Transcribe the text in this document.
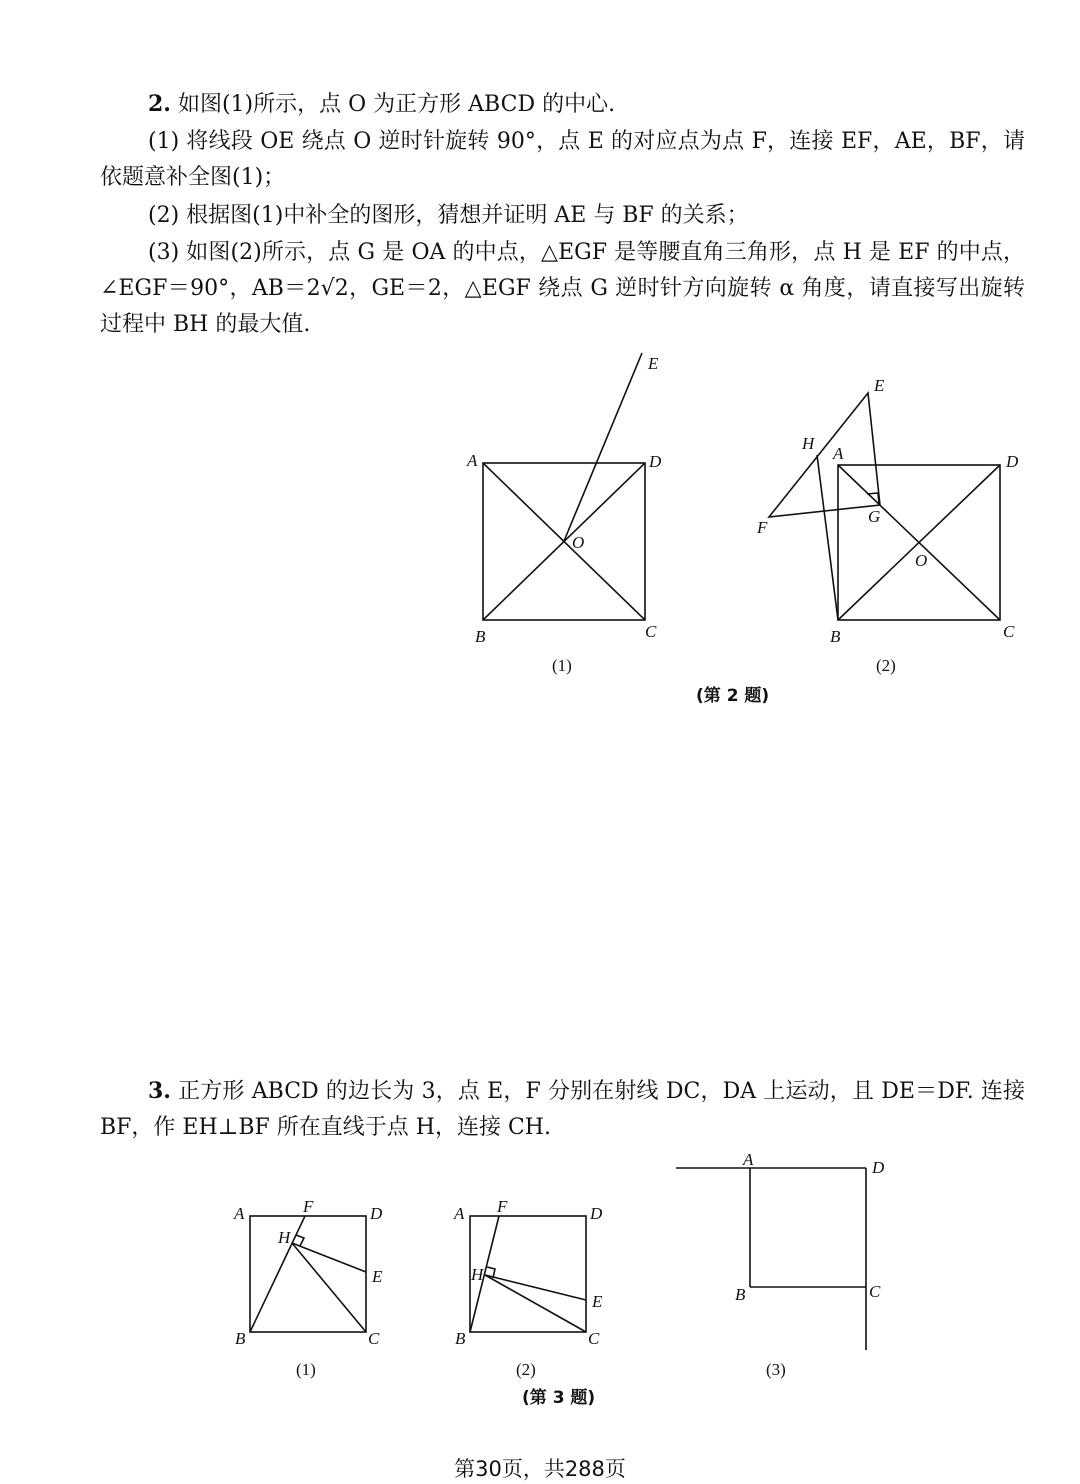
2. 如图(1)所示，点 O 为正方形 ABCD 的中心.

(1) 将线段 OE 绕点 O 逆时针旋转 90°，点 E 的对应点为点 F，连接 EF，AE，BF，请依题意补全图(1)；

(2) 根据图(1)中补全的图形，猜想并证明 AE 与 BF 的关系；

(3) 如图(2)所示，点 G 是 OA 的中点，△EGF 是等腰直角三角形，点 H 是 EF 的中点，∠EGF＝90°，AB＝2√2，GE＝2，△EGF 绕点 G 逆时针方向旋转 α 角度，请直接写出旋转过程中 BH 的最大值.

3. 正方形 ABCD 的边长为 3，点 E，F 分别在射线 DC，DA 上运动，且 DE＝DF. 连接 BF，作 EH⊥BF 所在直线于点 H，连接 CH.

A	D
B	C
E
O
(1)
E
H
A	D
F
G
O
B	C
(2)
(第 2 题)
A	F	D
H
E
B	C
(1)
A F	D
H
E
B	C
(2)
A	D
B	C
(3)
(第 3 题)
第30页，共288页
